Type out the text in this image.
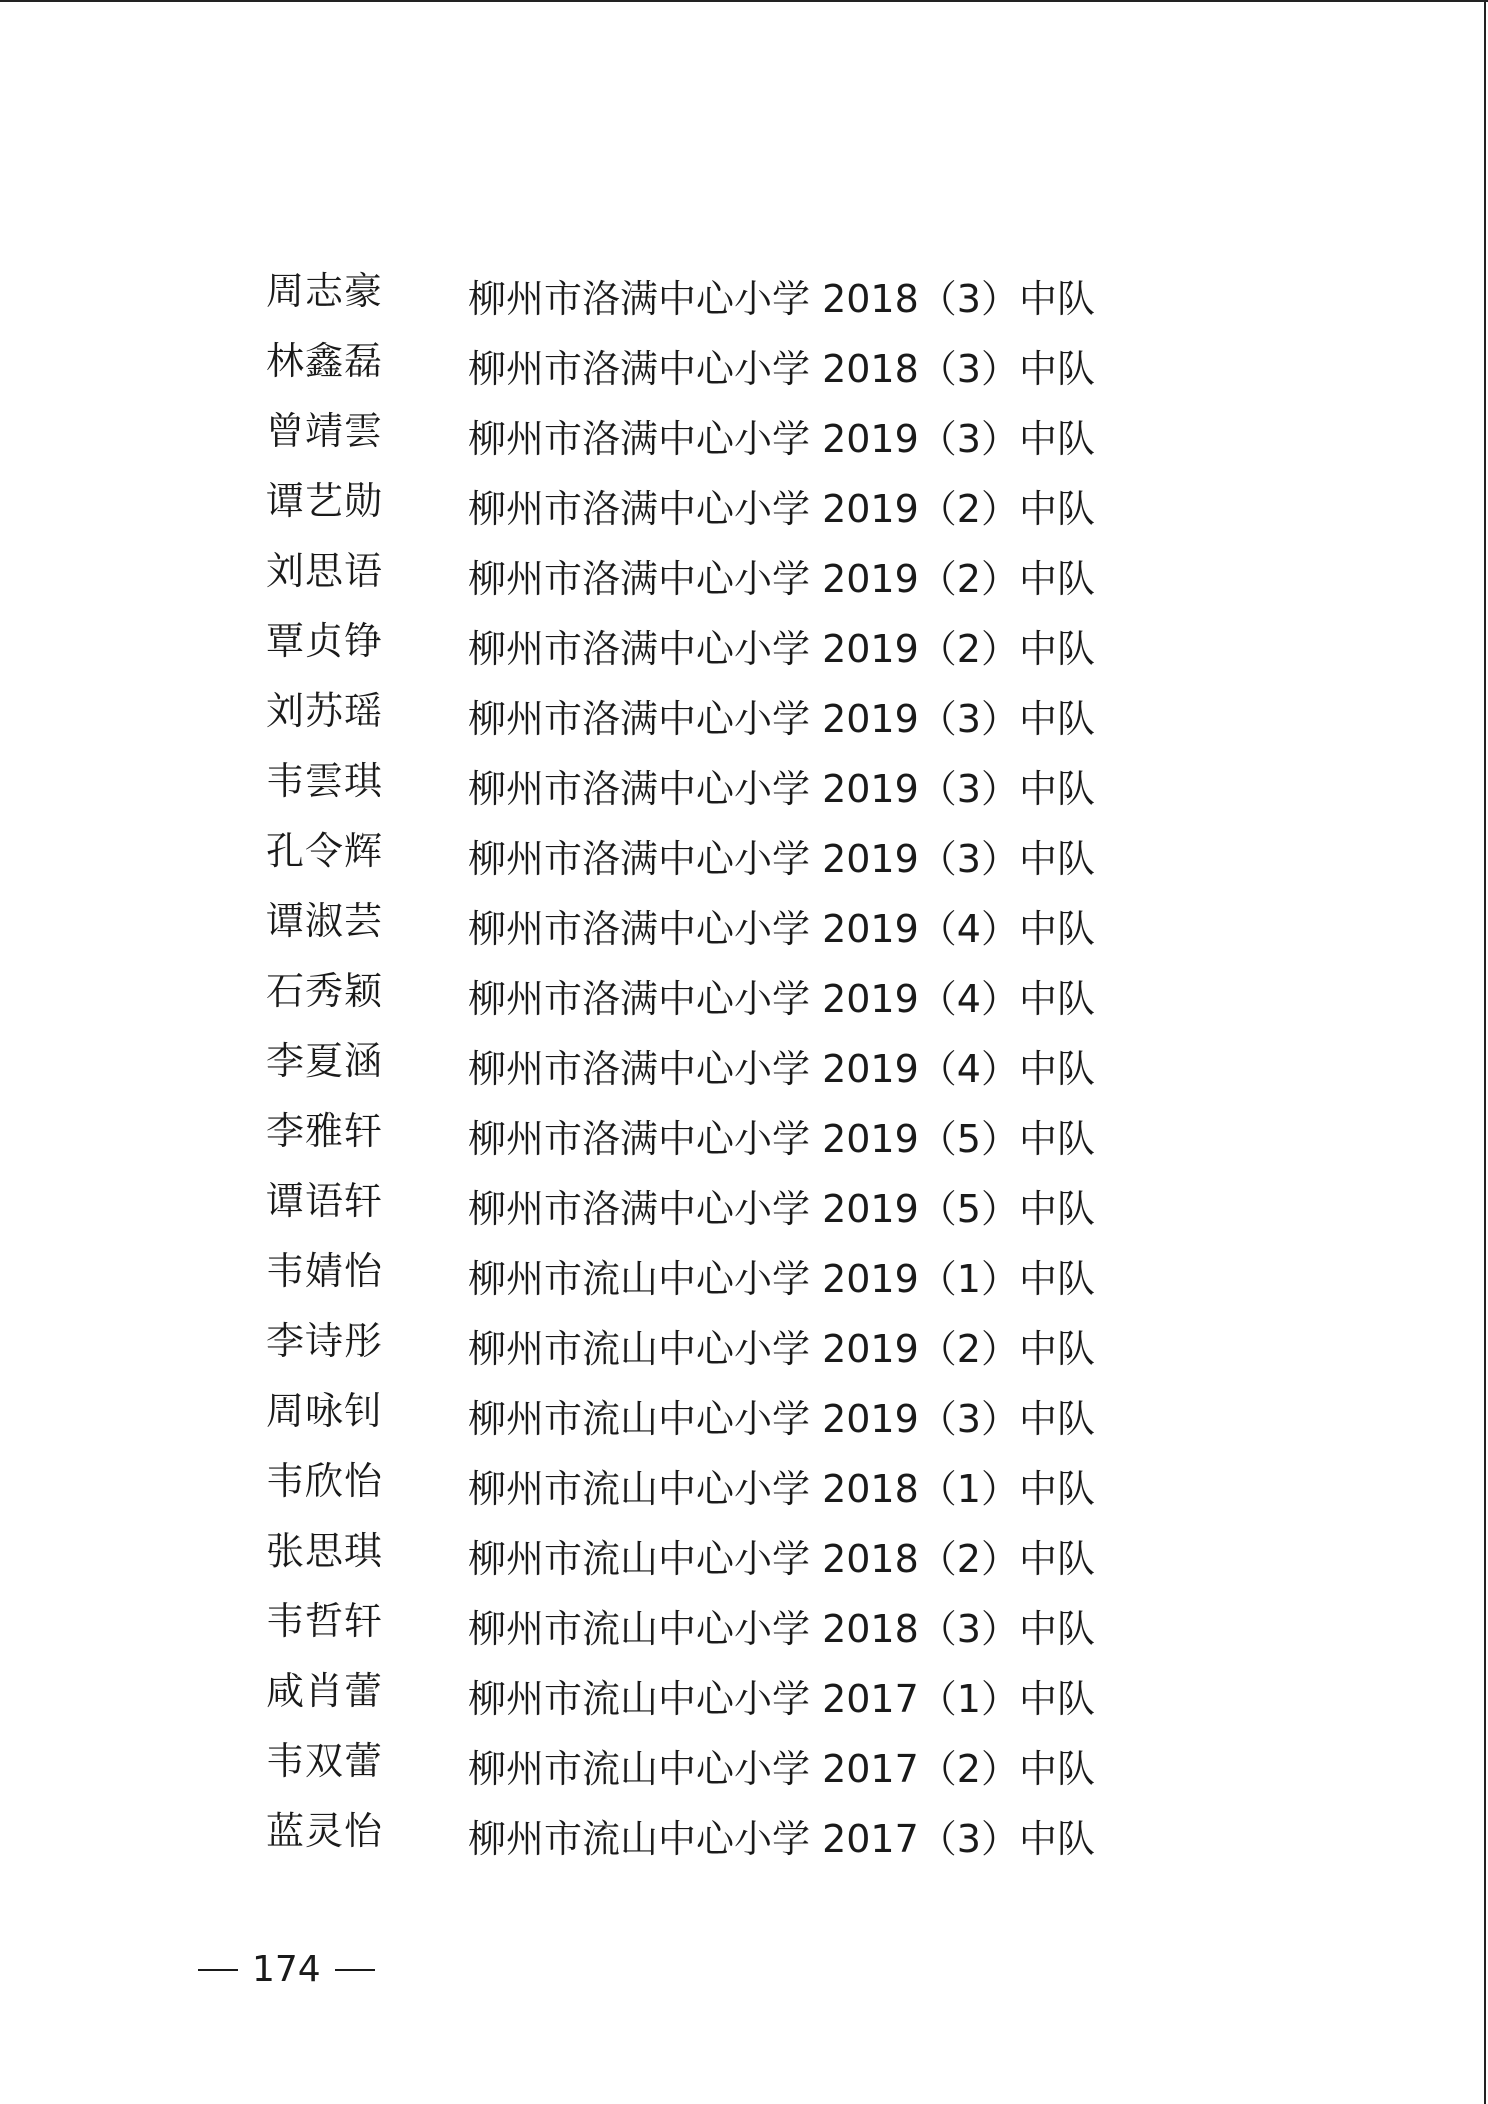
周志豪 柳州市洛满中心小学 2018（3）中队
林鑫磊 柳州市洛满中心小学 2018（3）中队
曾靖雲 柳州市洛满中心小学 2019（3）中队
谭艺勋 柳州市洛满中心小学 2019（2）中队
刘思语 柳州市洛满中心小学 2019（2）中队
覃贞铮 柳州市洛满中心小学 2019（2）中队
刘苏瑶 柳州市洛满中心小学 2019（3）中队
韦雲琪 柳州市洛满中心小学 2019（3）中队
孔令辉 柳州市洛满中心小学 2019（3）中队
谭淑芸 柳州市洛满中心小学 2019（4）中队
石秀颖 柳州市洛满中心小学 2019（4）中队
李夏涵 柳州市洛满中心小学 2019（4）中队
李雅轩 柳州市洛满中心小学 2019（5）中队
谭语轩 柳州市洛满中心小学 2019（5）中队
韦婧怡 柳州市流山中心小学 2019（1）中队
李诗彤 柳州市流山中心小学 2019（2）中队
周咏钊 柳州市流山中心小学 2019（3）中队
韦欣怡 柳州市流山中心小学 2018（1）中队
张思琪 柳州市流山中心小学 2018（2）中队
韦哲轩 柳州市流山中心小学 2018（3）中队
咸肖蕾 柳州市流山中心小学 2017（1）中队
韦双蕾 柳州市流山中心小学 2017（2）中队
蓝灵怡 柳州市流山中心小学 2017（3）中队
174
